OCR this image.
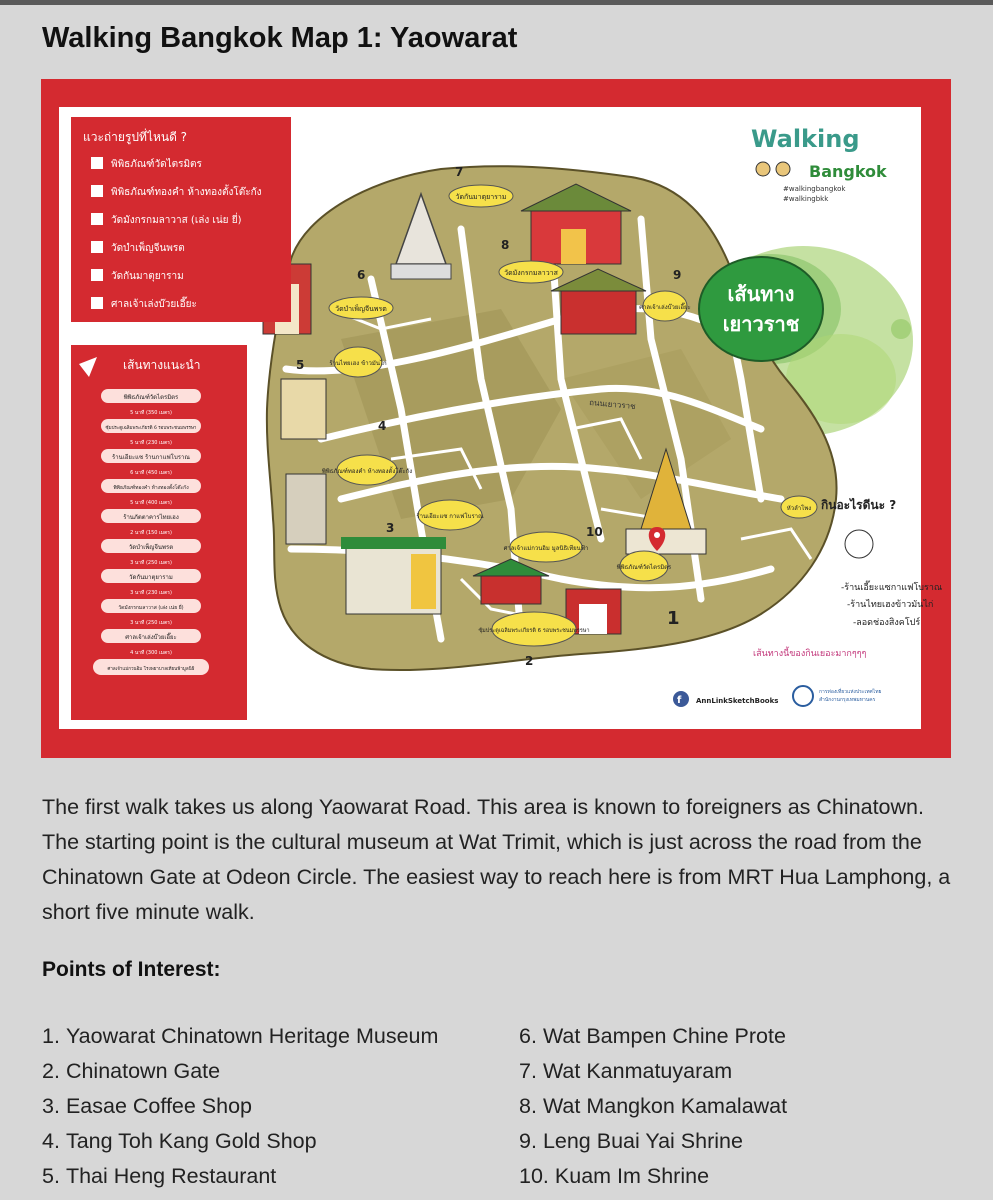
Walking Bangkok Map 1: Yaowarat
ถนนเยาวราช
วัดกันมาตุยาราม
7
วัดมังกรกมลาวาส
8
ศาลเจ้าเล่งบ๊วยเอี๊ยะ
9
วัดบำเพ็ญจีนพรต
6
ร้านไทยเฮง ข้าวมันไก่
5
พิพิธภัณฑ์ทองคำ ห้างทองตั้งโต๊ะกัง
4
ร้านเอียะแซ กาแฟโบราณ
3
ศาลเจ้าแม่กวนอิม มูลนิธิเทียนฟ้า
10
พิพิธภัณฑ์วัดไตรมิตร
1
ซุ้มประตูเฉลิมพระเกียรติ 6 รอบพระชนมพรรษา
2
หัวลำโพง
แวะถ่ายรูปที่ไหนดี ?
พิพิธภัณฑ์วัดไตรมิตร
พิพิธภัณฑ์ทองคำ ห้างทองตั้งโต๊ะกัง
วัดมังกรกมลาวาส (เล่ง เน่ย ยี่)
วัดบำเพ็ญจีนพรต
วัดกันมาตุยาราม
ศาลเจ้าเล่งบ๊วยเอี๊ยะ
เส้นทางแนะนำ
พิพิธภัณฑ์วัดไตรมิตร
5 นาที (350 เมตร)
ซุ้มประตูเฉลิมพระเกียรติ 6 รอบพระชนมพรรษา
5 นาที (230 เมตร)
ร้านเอียะแซ ร้านกาแฟโบราณ
6 นาที (450 เมตร)
พิพิธภัณฑ์ทองคำ ห้างทองตั้งโต๊ะกัง
5 นาที (400 เมตร)
ร้านภัตตาคารไทยเฮง
2 นาที (150 เมตร)
วัดบำเพ็ญจีนพรต
3 นาที (250 เมตร)
วัดกันมาตุยาราม
3 นาที (230 เมตร)
วัดมังกรกมลาวาส (เล่ง เน่ย ยี่)
3 นาที (250 เมตร)
ศาลเจ้าเล่งบ๊วยเอี๊ยะ
4 นาที (300 เมตร)
ศาลเจ้าแม่กวนอิม โรงพยาบาลเทียนฟ้ามูลนิธิ
Walking
Bangkok
#walkingbangkok
#walkingbkk
เส้นทาง
เยาวราช
กินอะไรดีนะ ?
-ร้านเอี๊ยะแซกาแฟโบราณ
-ร้านไทยเฮงข้าวมันไก่
-ลอดช่องสิงคโปร์
เส้นทางนี้ของกินเยอะมากๆๆๆ
f AnnLinkSketchBooks
การท่องเที่ยวแห่งประเทศไทย
สำนักงานกรุงเทพมหานคร

The first walk takes us along Yaowarat Road. This area is known to foreigners as Chinatown. The starting point is the cultural museum at Wat Trimit, which is just across the road from the Chinatown Gate at Odeon Circle. The easiest way to reach here is from MRT Hua Lamphong, a short five minute walk.

Points of Interest:
1. Yaowarat Chinatown Heritage Museum
2. Chinatown Gate
3. Easae Coffee Shop
4. Tang Toh Kang Gold Shop
5. Thai Heng Restaurant
6. Wat Bampen Chine Prote
7. Wat Kanmatuyaram
8. Wat Mangkon Kamalawat
9. Leng Buai Yai Shrine
10. Kuam Im Shrine
